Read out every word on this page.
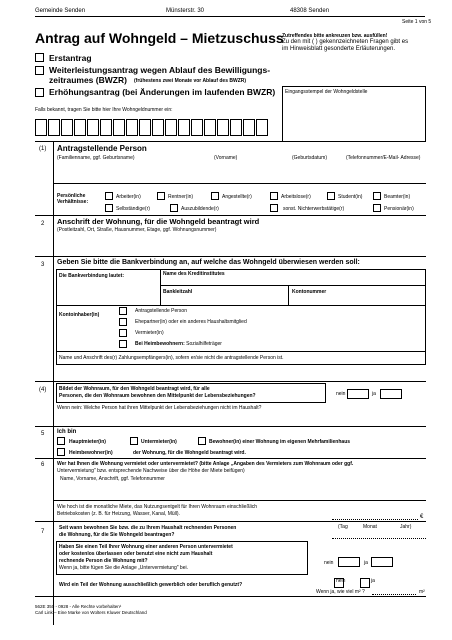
Gemeinde Senden	Münsterstr. 30	48308 Senden
Seite 1 von 5
Antrag auf Wohngeld – Mietzuschuss
Zutreffendes bitte ankreuzen bzw. ausfüllen!
Zu den mit ( ) gekennzeichneten Fragen gibt es
im Hinweisblatt gesonderte Erläuterungen.
Erstantrag
Weiterleistungsantrag wegen Ablauf des Bewilligungs-
zeitraumes (BWZR) (frühestens zwei Monate vor Ablauf des BWZR)
Erhöhungsantrag (bei Änderungen im laufenden BWZR) Eingangsstempel der Wohngeldstelle
Falls bekannt, tragen Sie bitte hier Ihre Wohngeldnummer ein:
(1) Antragstellende Person
(Familienname, ggf. Geburtsname)	(Vorname)	(Geburtsdatum)	(Telefonnummer/E-Mail- Adresse)
Persönliche
Verhältnisse:
Arbeiter(in)	Rentner(in)	Angestellte(r)	Arbeitslose(r)	Student(in)	Beamter(in)
Selbständige(r)	Auszubildende(r)	sonst. Nichterwerbstätige(r)	Pensionär(in)
2 Anschrift der Wohnung, für die Wohngeld beantragt wird
(Postleitzahl, Ort, Straße, Hausnummer, Etage, ggf. Wohnungsnummer)
3 Geben Sie bitte die Bankverbindung an, auf welche das Wohngeld überwiesen werden soll:
Die Bankverbindung lautet:	Name des Kreditinstitutes
Bankleitzahl	Kontonummer
Kontoinhaber(in)
Antragstellende Person
Ehepartner(in) oder ein anderes Haushaltsmitglied
Vermieter(in)
Bei Heimbewohnern: Sozialhilfeträger
Name und Anschrift des(r) Zahlungsempfängers(in), sofern er/sie nicht die antragstellende Person ist.
(4)	Bildet der Wohnraum, für den Wohngeld beantragt wird, für alle
Personen, die den Wohnraum bewohnen den Mittelpunkt der Lebensbeziehungen?	nein	ja
Wenn nein: Welche Person hat ihren Mittelpunkt der Lebensbeziehungen nicht im Haushalt?
5 Ich bin
Hauptmieter(in)	Untermieter(in)	Bewohner(in) einer Wohnung im eigenen Mehrfamilienhaus
Heimbewohner(in)	der Wohnung, für die Wohngeld beantragt wird.
6	Wer hat Ihnen die Wohnung vermietet oder untervermietet? (bitte Anlage „Angaben des Vermieters zum Wohnraum oder ggf.
Untervermietung" bzw. entsprechende Nachweise über die Höhe der Miete beifügen)
Name, Vorname, Anschrift, ggf. Telefonnummer
Wie hoch ist die monatliche Miete, das Nutzungsentgelt für Ihren Wohnraum einschließlich
Betriebskosten (z. B. für Heizung, Wasser, Kanal, Müll).	€
7
Seit wann bewohnen Sie bzw. die zu Ihrem Haushalt rechnenden Personen
die Wohnung, für die Sie Wohngeld beantragen?
(Tag	Monat	Jahr)
Haben Sie einen Teil Ihrer Wohnung einer anderen Person untervermietet
oder kostenlos überlassen oder benutzt eine nicht zum Haushalt
rechnende Person die Wohnung mit?
Wenn ja, bitte fügen Sie die Anlage „Untervermietung" bei.
nein	ja
Wird ein Teil der Wohnung ausschließlich gewerblich oder beruflich genutzt?
nein	ja
Wenn ja, wie viel m² ?	m²
562E 350 - 0928 - Alle Rechte vorbehalten¹
Carl Link – Eine Marke von Wolters Kluwer Deutschland
